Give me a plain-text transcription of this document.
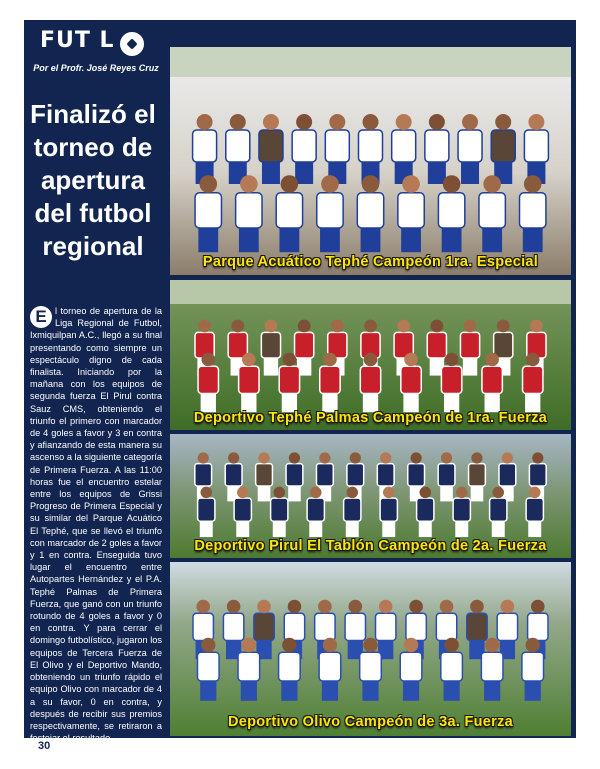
FUT L
Por el Profr. José Reyes Cruz
Finalizó el torneo de apertura del futbol regional
E l torneo de apertura de la Liga Regional de Futbol, Ixmiquilpan A.C., llegó a su final presentando como siempre un espectáculo digno de cada finalista. Iniciando por la mañana con los equipos de segunda fuerza El Pirul contra Sauz CMS, obteniendo el triunfo el primero con marcador de 4 goles a favor y 3 en contra y afianzando de esta manera su ascenso a la siguiente categoría de Primera Fuerza. A las 11:00 horas fue el encuentro estelar entre los equipos de Grissi Progreso de Primera Especial y su similar del Parque Acuático El Tephé, que se llevó el triunfo con marcador de 2 goles a favor y 1 en contra. Enseguida tuvo lugar el encuentro entre Autopartes Hernández y el P.A. Tephé Palmas de Primera Fuerza, que ganó con un triunfo rotundo de 4 goles a favor y 0 en contra. Y para cerrar el domingo futbolístico, jugaron los equipos de Tercera Fuerza de El Olivo y el Deportivo Mando, obteniendo un triunfo rápido el equipo Olivo con marcador de 4 a su favor, 0 en contra, y después de recibir sus premios respectivamente, se retiraron a festejar el resultado.
Parque Acuático Tephé Campeón 1ra. Especial
Deportivo Tephé Palmas Campeón de 1ra. Fuerza
Deportivo Pirul El Tablón Campeón de 2a. Fuerza
Deportivo Olivo Campeón de 3a. Fuerza
30
